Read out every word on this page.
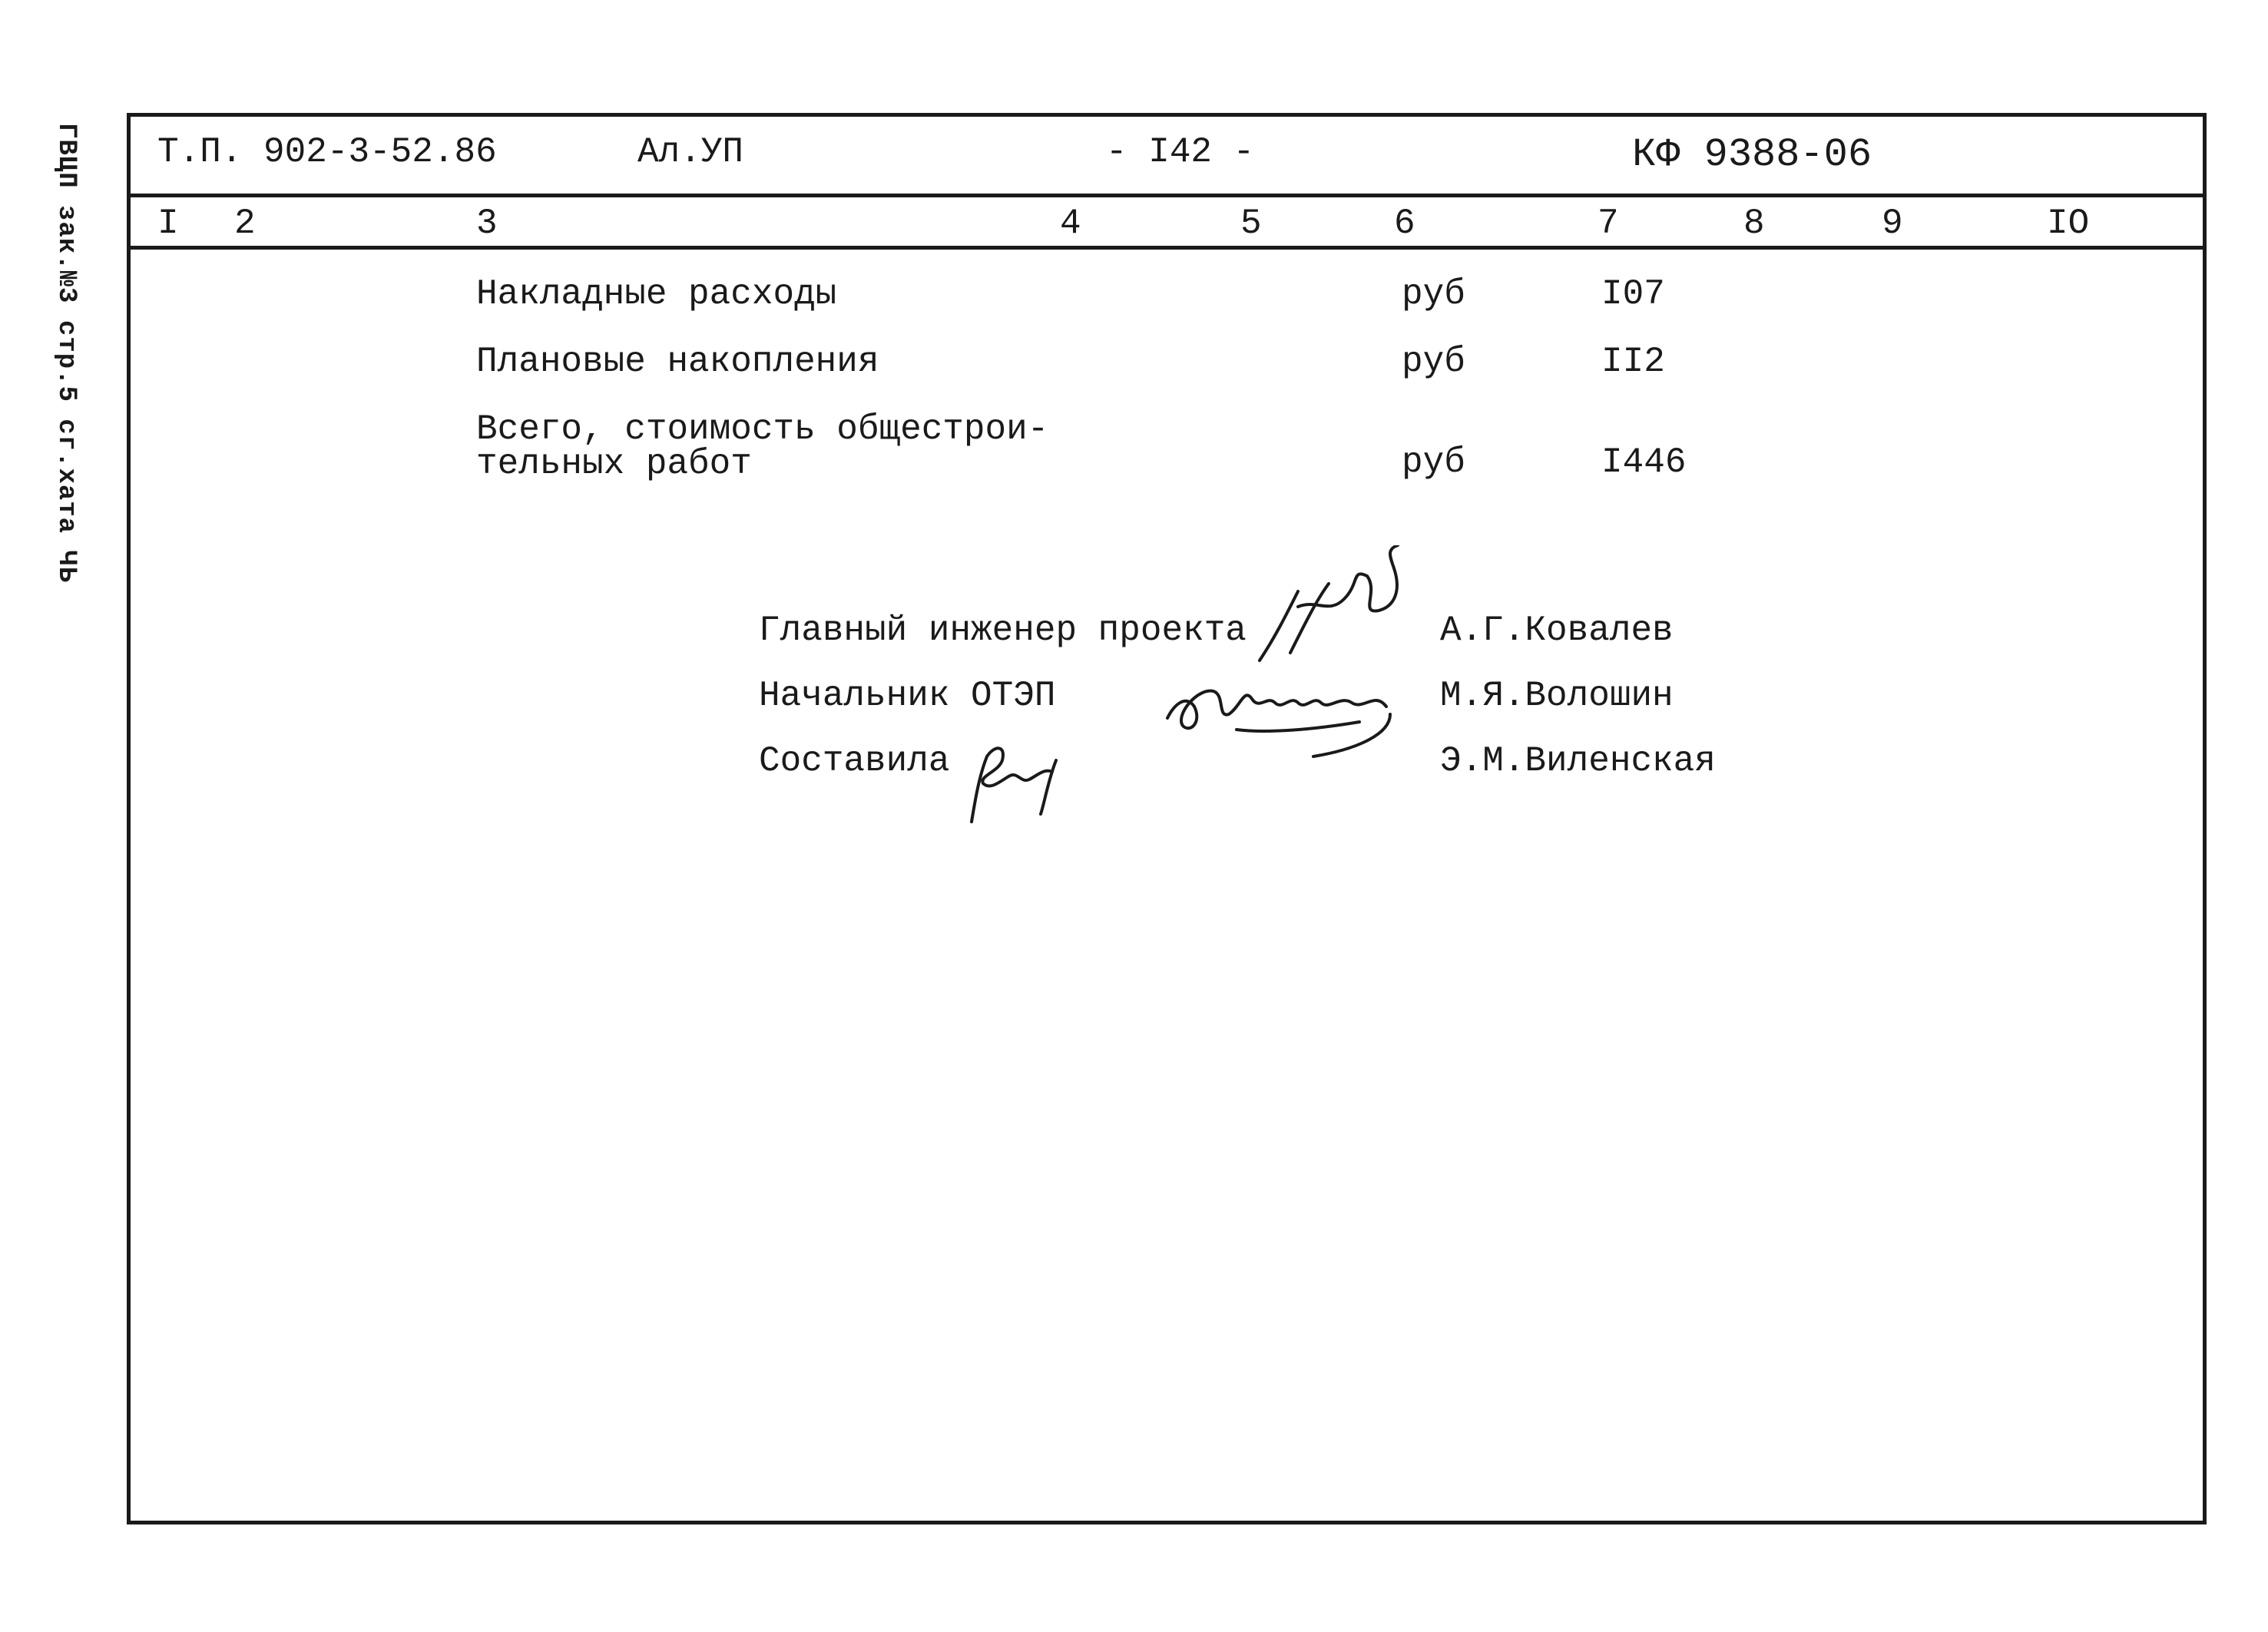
ГВЦП зак.№3 стр.5 сг.хата ЧЬ Т.П. 902-3-52.86	Ал.УП	- I42 -	КФ 9388-06
I 2	3	4	5	6	7	8	9	IO
Накладные расходы	руб	I07
Плановые накопления	руб	II2
Всего, стоимость общестрои-
тельных работ	руб	I446
Главный инженер проекта	А.Г.Ковалев
Начальник ОТЭП	М.Я.Волошин
Составила	Э.М.Виленская
